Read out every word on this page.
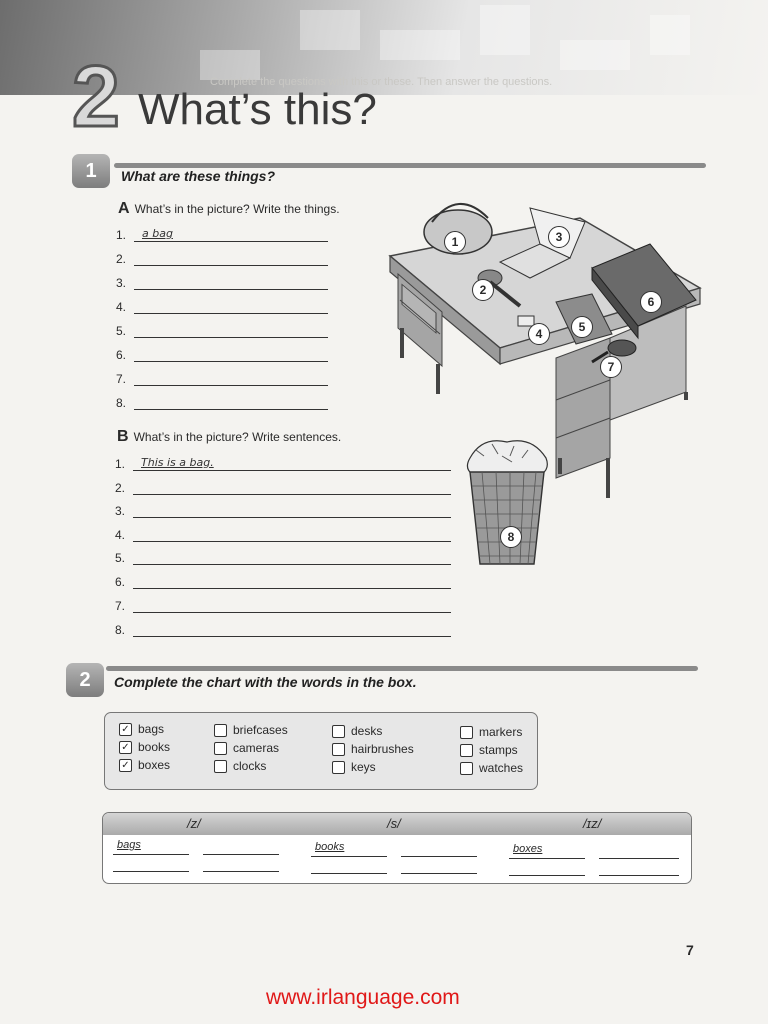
Complete the questions with this or these. Then answer the questions.
2 What’s this?
1	What are these things?
A What’s in the picture? Write the things.
1.	a bag
2.
3.
4.
5.
6.
7.
8.
B What’s in the picture? Write sentences.
1.	This is a bag.
2.
3.
4.
5.
6.
7.
8.
1
2
3
4	5
6
7
8
2	Complete the chart with the words in the box.
✓ bags
✓ books
✓ boxes
briefcases
cameras
clocks
desks
hairbrushes
keys
markers
stamps
watches
/z/	/s/	/ɪz/
bags	books	boxes
7
www.irlanguage.com
